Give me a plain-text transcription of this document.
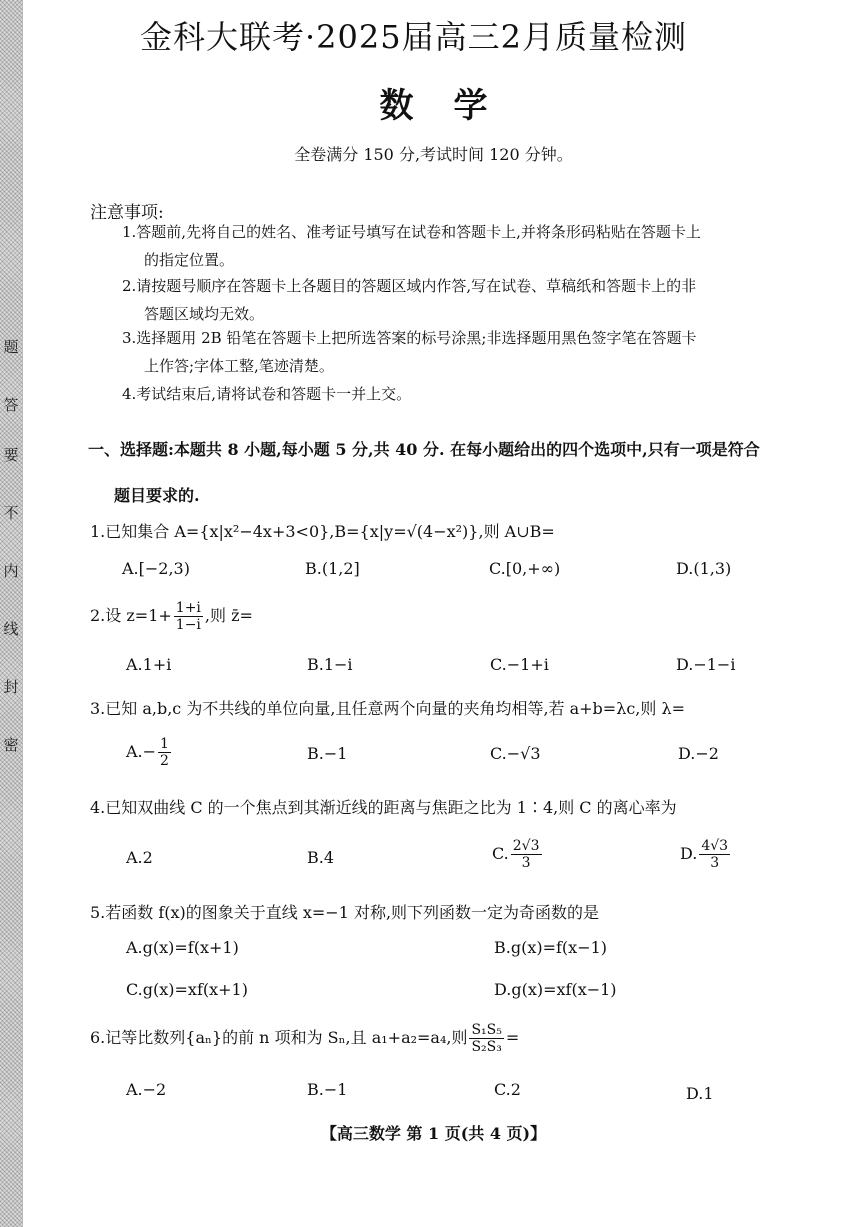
题
答
要
不
内
线
封
密
金科大联考·2025届高三2月质量检测
数学
全卷满分 150 分,考试时间 120 分钟。
注意事项:
1.答题前,先将自己的姓名、准考证号填写在试卷和答题卡上,并将条形码粘贴在答题卡上
的指定位置。
2.请按题号顺序在答题卡上各题目的答题区域内作答,写在试卷、草稿纸和答题卡上的非
答题区域均无效。
3.选择题用 2B 铅笔在答题卡上把所选答案的标号涂黑;非选择题用黑色签字笔在答题卡
上作答;字体工整,笔迹清楚。
4.考试结束后,请将试卷和答题卡一并上交。
一、选择题:本题共 8 小题,每小题 5 分,共 40 分. 在每小题给出的四个选项中,只有一项是符合
题目要求的.
1.已知集合 A={x|x²−4x+3<0},B={x|y=√(4−x²)},则 A∪B=
A.[−2,3)	B.(1,2]	C.[0,+∞)	D.(1,3)
2.设 $z=1+ \frac{1+i}{1-i}$ ,则 z̄=
A.1+i	B.1−i	C.−1+i	D.−1−i
3.已知 a,b,c 为不共线的单位向量,且任意两个向量的夹角均相等,若 a+b=λc,则 λ=
$A.- \frac{1}{2}$	B.−1	C.−√3	D.−2
4.已知双曲线 C 的一个焦点到其渐近线的距离与焦距之比为 1∶4,则 C 的离心率为
A.2	B.4	C. $\frac{2√3}{3}$	D. $\frac{4√3}{3}$
5.若函数 f(x)的图象关于直线 x=−1 对称,则下列函数一定为奇函数的是
A.g(x)=f(x+1)	B.g(x)=f(x−1)
C.g(x)=xf(x+1)	D.g(x)=xf(x−1)
6.记等比数列{aₙ}的前 n 项和为 Sₙ,且 a₁+a₂=a₄,则 $\frac{\text{S₁S₅}}{\text{S₂S₃}}$ =
A.−2	B.−1	C.2	D.1
【高三数学 第 1 页(共 4 页)】
